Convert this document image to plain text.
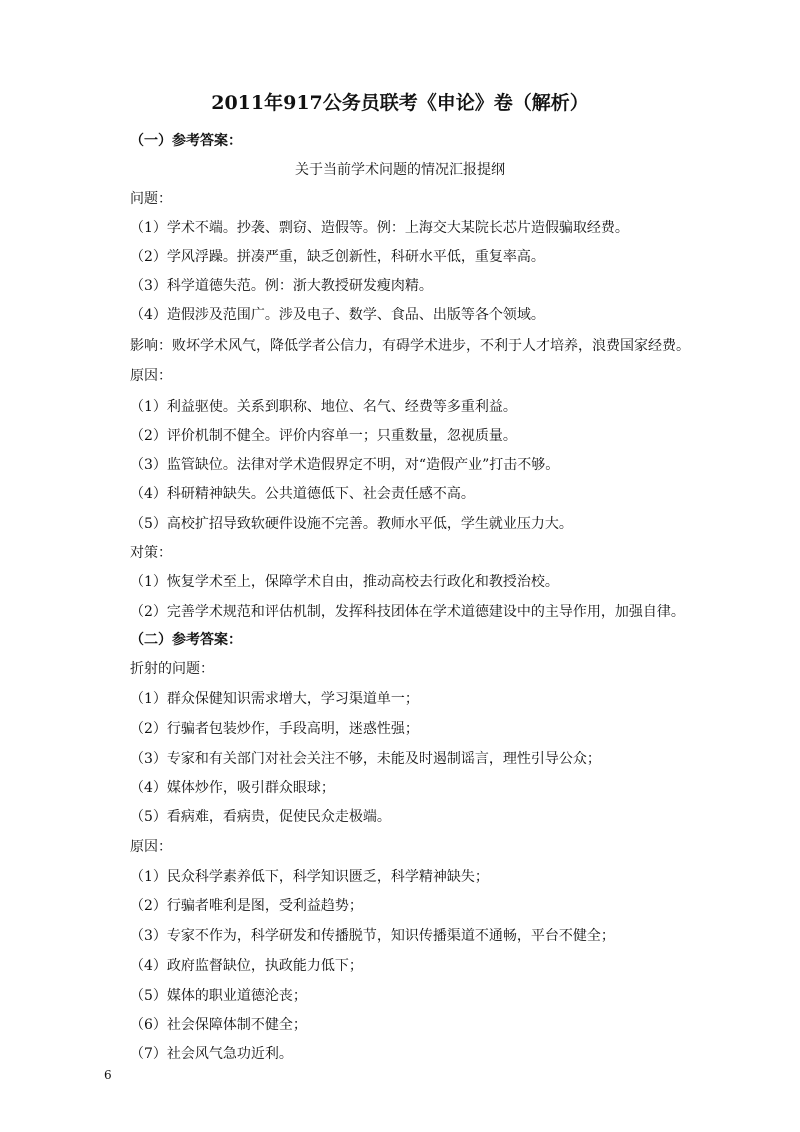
2011年917公务员联考《申论》卷（解析）
（一）参考答案：
关于当前学术问题的情况汇报提纲
问题：
（1）学术不端。抄袭、剽窃、造假等。例：上海交大某院长芯片造假骗取经费。
（2）学风浮躁。拼凑严重，缺乏创新性，科研水平低，重复率高。
（3）科学道德失范。例：浙大教授研发瘦肉精。
（4）造假涉及范围广。涉及电子、数学、食品、出版等各个领域。
影响：败坏学术风气，降低学者公信力，有碍学术进步，不利于人才培养，浪费国家经费。
原因：
（1）利益驱使。关系到职称、地位、名气、经费等多重利益。
（2）评价机制不健全。评价内容单一；只重数量，忽视质量。
（3）监管缺位。法律对学术造假界定不明，对“造假产业”打击不够。
（4）科研精神缺失。公共道德低下、社会责任感不高。
（5）高校扩招导致软硬件设施不完善。教师水平低，学生就业压力大。
对策：
（1）恢复学术至上，保障学术自由，推动高校去行政化和教授治校。
（2）完善学术规范和评估机制，发挥科技团体在学术道德建设中的主导作用，加强自律。
（二）参考答案：
折射的问题：
（1）群众保健知识需求增大，学习渠道单一；
（2）行骗者包装炒作，手段高明，迷惑性强；
（3）专家和有关部门对社会关注不够，未能及时遏制谣言，理性引导公众；
（4）媒体炒作，吸引群众眼球；
（5）看病难，看病贵，促使民众走极端。
原因：
（1）民众科学素养低下，科学知识匮乏，科学精神缺失；
（2）行骗者唯利是图，受利益趋势；
（3）专家不作为，科学研发和传播脱节，知识传播渠道不通畅，平台不健全；
（4）政府监督缺位，执政能力低下；
（5）媒体的职业道德沦丧；
（6）社会保障体制不健全；
（7）社会风气急功近利。
6
